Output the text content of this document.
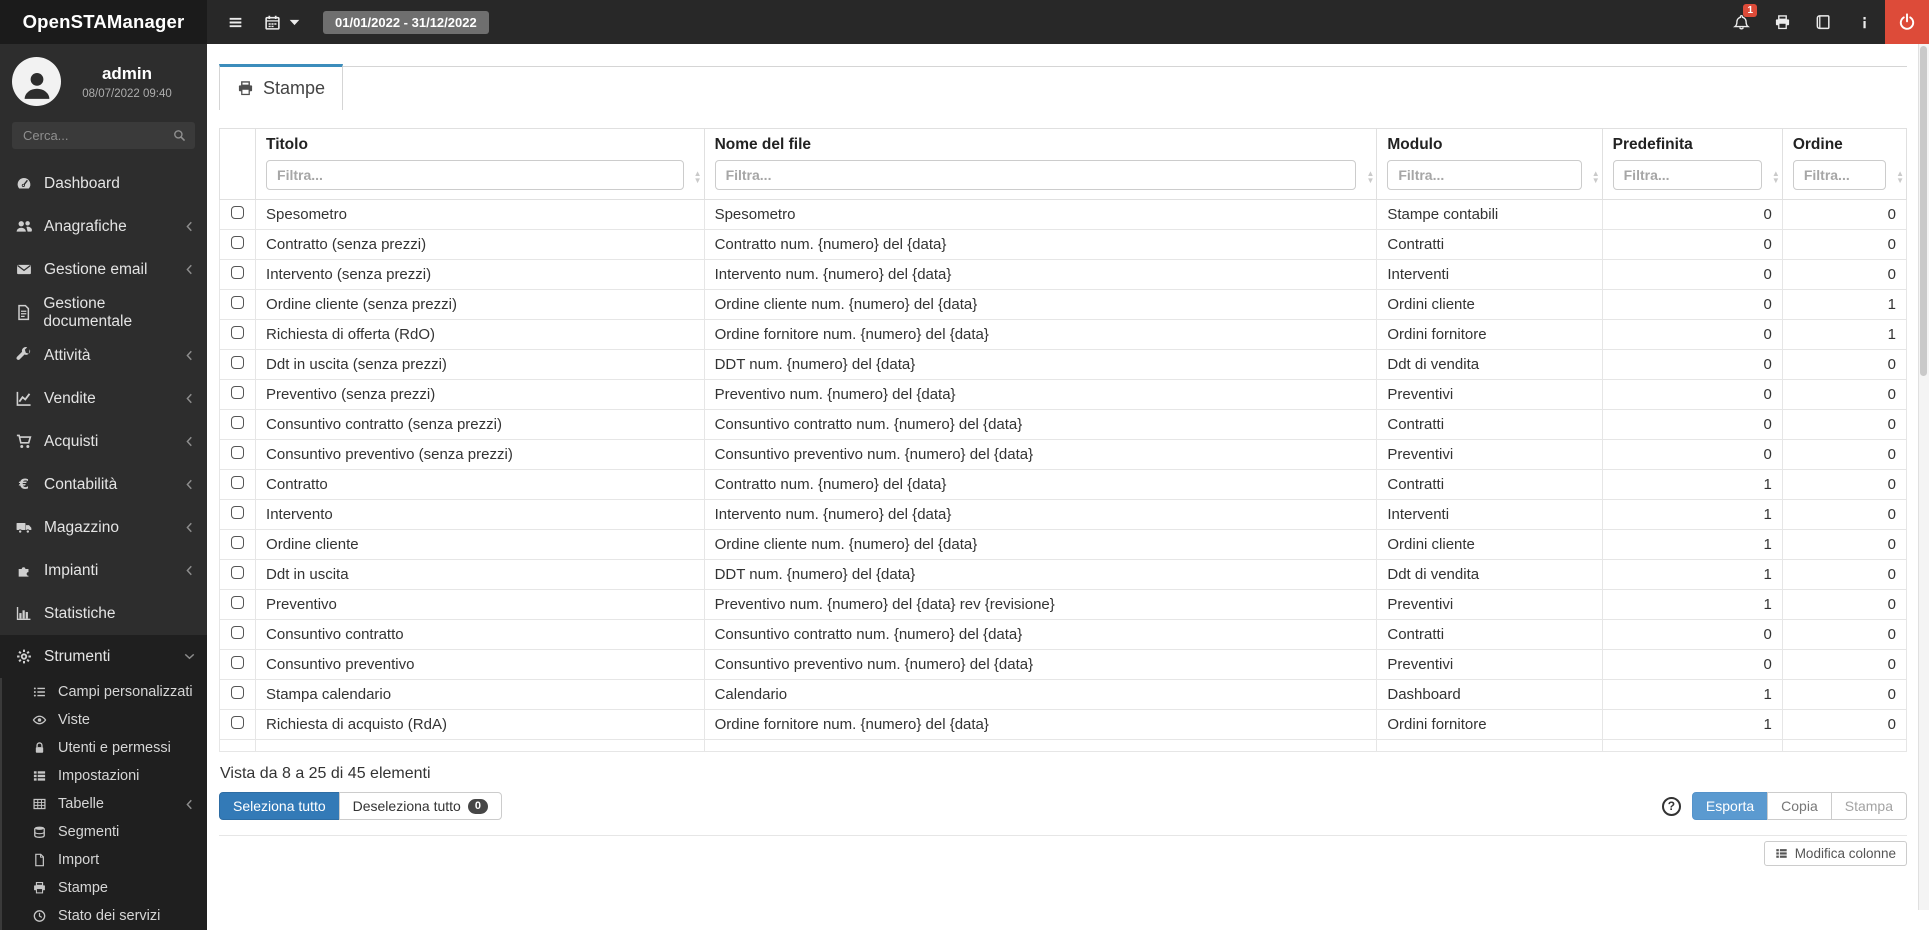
OpenSTAManager	01/01/2022 - 31/12/2022
1
admin
08/07/2022 09:40
Cerca...
Dashboard
Anagrafiche
Gestione email
Gestione documentale
Attività
Vendite
Acquisti
€ Contabilità
Magazzino
Impianti
Statistiche
Strumenti
Campi personalizzati
Viste
Utenti e permessi
Impostazioni
Tabelle
Segmenti
Import
Stampe
Stato dei servizi
Stampe

	Titolo
Filtra...
▲
▼	Nome del file
Filtra...
▲
▼	Modulo
Filtra...
▲
▼	Predefinita
Filtra...
▲
▼	Ordine
Filtra...
▲
▼

	Spesometro	Spesometro	Stampe contabili	0	0
	Contratto (senza prezzi)	Contratto num. {numero} del {data}	Contratti	0	0
	Intervento (senza prezzi)	Intervento num. {numero} del {data}	Interventi	0	0
	Ordine cliente (senza prezzi)	Ordine cliente num. {numero} del {data}	Ordini cliente	0	1
	Richiesta di offerta (RdO)	Ordine fornitore num. {numero} del {data}	Ordini fornitore	0	1
	Ddt in uscita (senza prezzi)	DDT num. {numero} del {data}	Ddt di vendita	0	0
	Preventivo (senza prezzi)	Preventivo num. {numero} del {data}	Preventivi	0	0
	Consuntivo contratto (senza prezzi)	Consuntivo contratto num. {numero} del {data}	Contratti	0	0
	Consuntivo preventivo (senza prezzi)	Consuntivo preventivo num. {numero} del {data}	Preventivi	0	0
	Contratto	Contratto num. {numero} del {data}	Contratti	1	0
	Intervento	Intervento num. {numero} del {data}	Interventi	1	0
	Ordine cliente	Ordine cliente num. {numero} del {data}	Ordini cliente	1	0
	Ddt in uscita	DDT num. {numero} del {data}	Ddt di vendita	1	0
	Preventivo	Preventivo num. {numero} del {data} rev {revisione}	Preventivi	1	0
	Consuntivo contratto	Consuntivo contratto num. {numero} del {data}	Contratti	0	0
	Consuntivo preventivo	Consuntivo preventivo num. {numero} del {data}	Preventivi	0	0
	Stampa calendario	Calendario	Dashboard	1	0
	Richiesta di acquisto (RdA)	Ordine fornitore num. {numero} del {data}	Ordini fornitore	1	0

Vista da 8 a 25 di 45 elementi
Seleziona tutto	Deseleziona tutto	0	?	Esporta	Copia	Stampa
Modifica colonne
